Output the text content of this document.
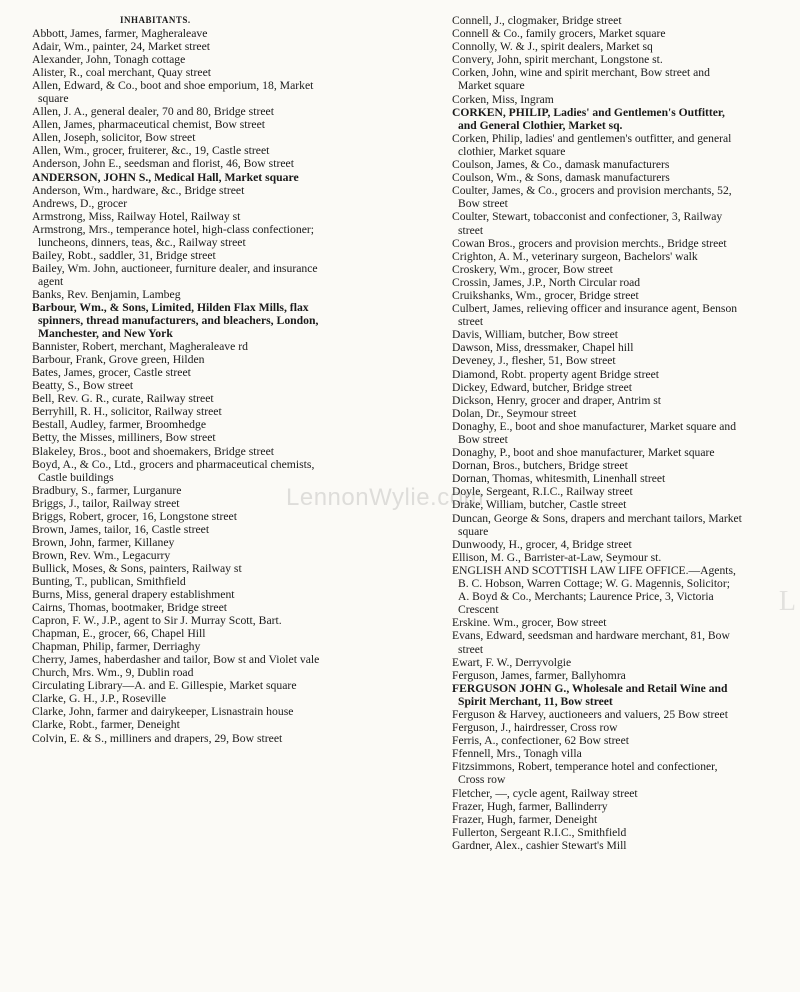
INHABITANTS.

Abbott, James, farmer, Magheraleave

Adair, Wm., painter, 24, Market street

Alexander, John, Tonagh cottage

Alister, R., coal merchant, Quay street

Allen, Edward, & Co., boot and shoe emporium, 18, Market square

Allen, J. A., general dealer, 70 and 80, Bridge street

Allen, James, pharmaceutical chemist, Bow street

Allen, Joseph, solicitor, Bow street

Allen, Wm., grocer, fruiterer, &c., 19, Castle street

Anderson, John E., seedsman and florist, 46, Bow street

ANDERSON, JOHN S., Medical Hall, Market square

Anderson, Wm., hardware, &c., Bridge street

Andrews, D., grocer

Armstrong, Miss, Railway Hotel, Railway st

Armstrong, Mrs., temperance hotel, high-class confectioner; luncheons, dinners, teas, &c., Railway street

Bailey, Robt., saddler, 31, Bridge street

Bailey, Wm. John, auctioneer, furniture dealer, and insurance agent

Banks, Rev. Benjamin, Lambeg

Barbour, Wm., & Sons, Limited, Hilden Flax Mills, flax spinners, thread manufacturers, and bleachers, London, Manchester, and New York

Bannister, Robert, merchant, Magheraleave rd

Barbour, Frank, Grove green, Hilden

Bates, James, grocer, Castle street

Beatty, S., Bow street

Bell, Rev. G. R., curate, Railway street

Berryhill, R. H., solicitor, Railway street

Bestall, Audley, farmer, Broomhedge

Betty, the Misses, milliners, Bow street

Blakeley, Bros., boot and shoemakers, Bridge street

Boyd, A., & Co., Ltd., grocers and pharmaceutical chemists, Castle buildings

Bradbury, S., farmer, Lurganure

Briggs, J., tailor, Railway street

Briggs, Robert, grocer, 16, Longstone street

Brown, James, tailor, 16, Castle street

Brown, John, farmer, Killaney

Brown, Rev. Wm., Legacurry

Bullick, Moses, & Sons, painters, Railway st

Bunting, T., publican, Smithfield

Burns, Miss, general drapery establishment

Cairns, Thomas, bootmaker, Bridge street

Capron, F. W., J.P., agent to Sir J. Murray Scott, Bart.

Chapman, E., grocer, 66, Chapel Hill

Chapman, Philip, farmer, Derriaghy

Cherry, James, haberdasher and tailor, Bow st and Violet vale

Church, Mrs. Wm., 9, Dublin road

Circulating Library—A. and E. Gillespie, Market square

Clarke, G. H., J.P., Roseville

Clarke, John, farmer and dairykeeper, Lisnastrain house

Clarke, Robt., farmer, Deneight

Colvin, E. & S., milliners and drapers, 29, Bow street

Connell, J., clogmaker, Bridge street

Connell & Co., family grocers, Market square

Connolly, W. & J., spirit dealers, Market sq

Convery, John, spirit merchant, Longstone st.

Corken, John, wine and spirit merchant, Bow street and Market square

Corken, Miss, Ingram

CORKEN, PHILIP, Ladies' and Gentlemen's Outfitter, and General Clothier, Market sq.

Corken, Philip, ladies' and gentlemen's outfitter, and general clothier, Market square

Coulson, James, & Co., damask manufacturers

Coulson, Wm., & Sons, damask manufacturers

Coulter, James, & Co., grocers and provision merchants, 52, Bow street

Coulter, Stewart, tobacconist and confectioner, 3, Railway street

Cowan Bros., grocers and provision merchts., Bridge street

Crighton, A. M., veterinary surgeon, Bachelors' walk

Croskery, Wm., grocer, Bow street

Crossin, James, J.P., North Circular road

Cruikshanks, Wm., grocer, Bridge street

Culbert, James, relieving officer and insurance agent, Benson street

Davis, William, butcher, Bow street

Dawson, Miss, dressmaker, Chapel hill

Deveney, J., flesher, 51, Bow street

Diamond, Robt. property agent Bridge street

Dickey, Edward, butcher, Bridge street

Dickson, Henry, grocer and draper, Antrim st

Dolan, Dr., Seymour street

Donaghy, E., boot and shoe manufacturer, Market square and Bow street

Donaghy, P., boot and shoe manufacturer, Market square

Dornan, Bros., butchers, Bridge street

Dornan, Thomas, whitesmith, Linenhall street

Doyle, Sergeant, R.I.C., Railway street

Drake, William, butcher, Castle street

Duncan, George & Sons, drapers and merchant tailors, Market square

Dunwoody, H., grocer, 4, Bridge street

Ellison, M. G., Barrister-at-Law, Seymour st.

ENGLISH AND SCOTTISH LAW LIFE OFFICE.—Agents, B. C. Hobson, Warren Cottage; W. G. Magennis, Solicitor; A. Boyd & Co., Merchants; Laurence Price, 3, Victoria Crescent

Erskine. Wm., grocer, Bow street

Evans, Edward, seedsman and hardware merchant, 81, Bow street

Ewart, F. W., Derryvolgie

Ferguson, James, farmer, Ballyhomra

FERGUSON JOHN G., Wholesale and Retail Wine and Spirit Merchant, 11, Bow street

Ferguson & Harvey, auctioneers and valuers, 25 Bow street

Ferguson, J., hairdresser, Cross row

Ferris, A., confectioner, 62 Bow street

Ffennell, Mrs., Tonagh villa

Fitzsimmons, Robert, temperance hotel and confectioner, Cross row

Fletcher, —, cycle agent, Railway street

Frazer, Hugh, farmer, Ballinderry

Frazer, Hugh, farmer, Deneight

Fullerton, Sergeant R.I.C., Smithfield

Gardner, Alex., cashier Stewart's Mill

LennonWylie.com
L
